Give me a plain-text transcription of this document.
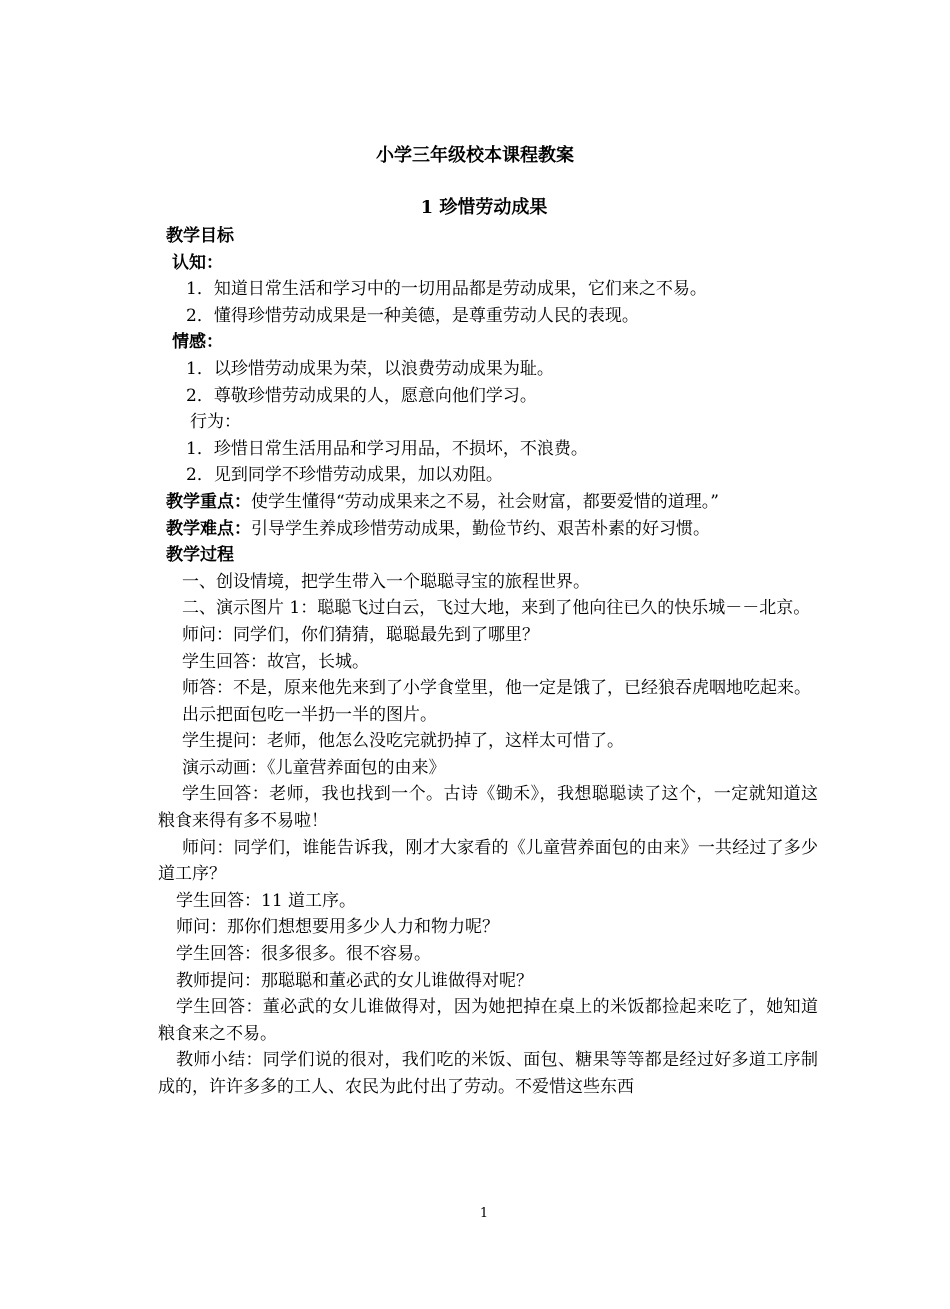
小学三年级校本课程教案
1 珍惜劳动成果
教学目标
认知：
1．知道日常生活和学习中的一切用品都是劳动成果，它们来之不易。
2．懂得珍惜劳动成果是一种美德，是尊重劳动人民的表现。
情感：
1．以珍惜劳动成果为荣，以浪费劳动成果为耻。
2．尊敬珍惜劳动成果的人，愿意向他们学习。
行为：
1．珍惜日常生活用品和学习用品，不损坏，不浪费。
2．见到同学不珍惜劳动成果，加以劝阻。
教学重点：使学生懂得“劳动成果来之不易，社会财富，都要爱惜的道理。”
教学难点：引导学生养成珍惜劳动成果，勤俭节约、艰苦朴素的好习惯。
教学过程
一、创设情境，把学生带入一个聪聪寻宝的旅程世界。
二、演示图片 1：聪聪飞过白云，飞过大地，来到了他向往已久的快乐城－－北京。
师问：同学们，你们猜猜，聪聪最先到了哪里？
学生回答：故宫，长城。
师答：不是，原来他先来到了小学食堂里，他一定是饿了，已经狼吞虎咽地吃起来。
出示把面包吃一半扔一半的图片。
学生提问：老师，他怎么没吃完就扔掉了，这样太可惜了。
演示动画：《儿童营养面包的由来》
学生回答：老师，我也找到一个。古诗《锄禾》，我想聪聪读了这个，一定就知道这粮食来得有多不易啦！
师问：同学们，谁能告诉我，刚才大家看的《儿童营养面包的由来》一共经过了多少道工序？
学生回答：11 道工序。
师问：那你们想想要用多少人力和物力呢？
学生回答：很多很多。很不容易。
教师提问：那聪聪和董必武的女儿谁做得对呢？
学生回答：董必武的女儿谁做得对，因为她把掉在桌上的米饭都捡起来吃了，她知道粮食来之不易。
教师小结：同学们说的很对，我们吃的米饭、面包、糖果等等都是经过好多道工序制成的，许许多多的工人、农民为此付出了劳动。不爱惜这些东西
1
